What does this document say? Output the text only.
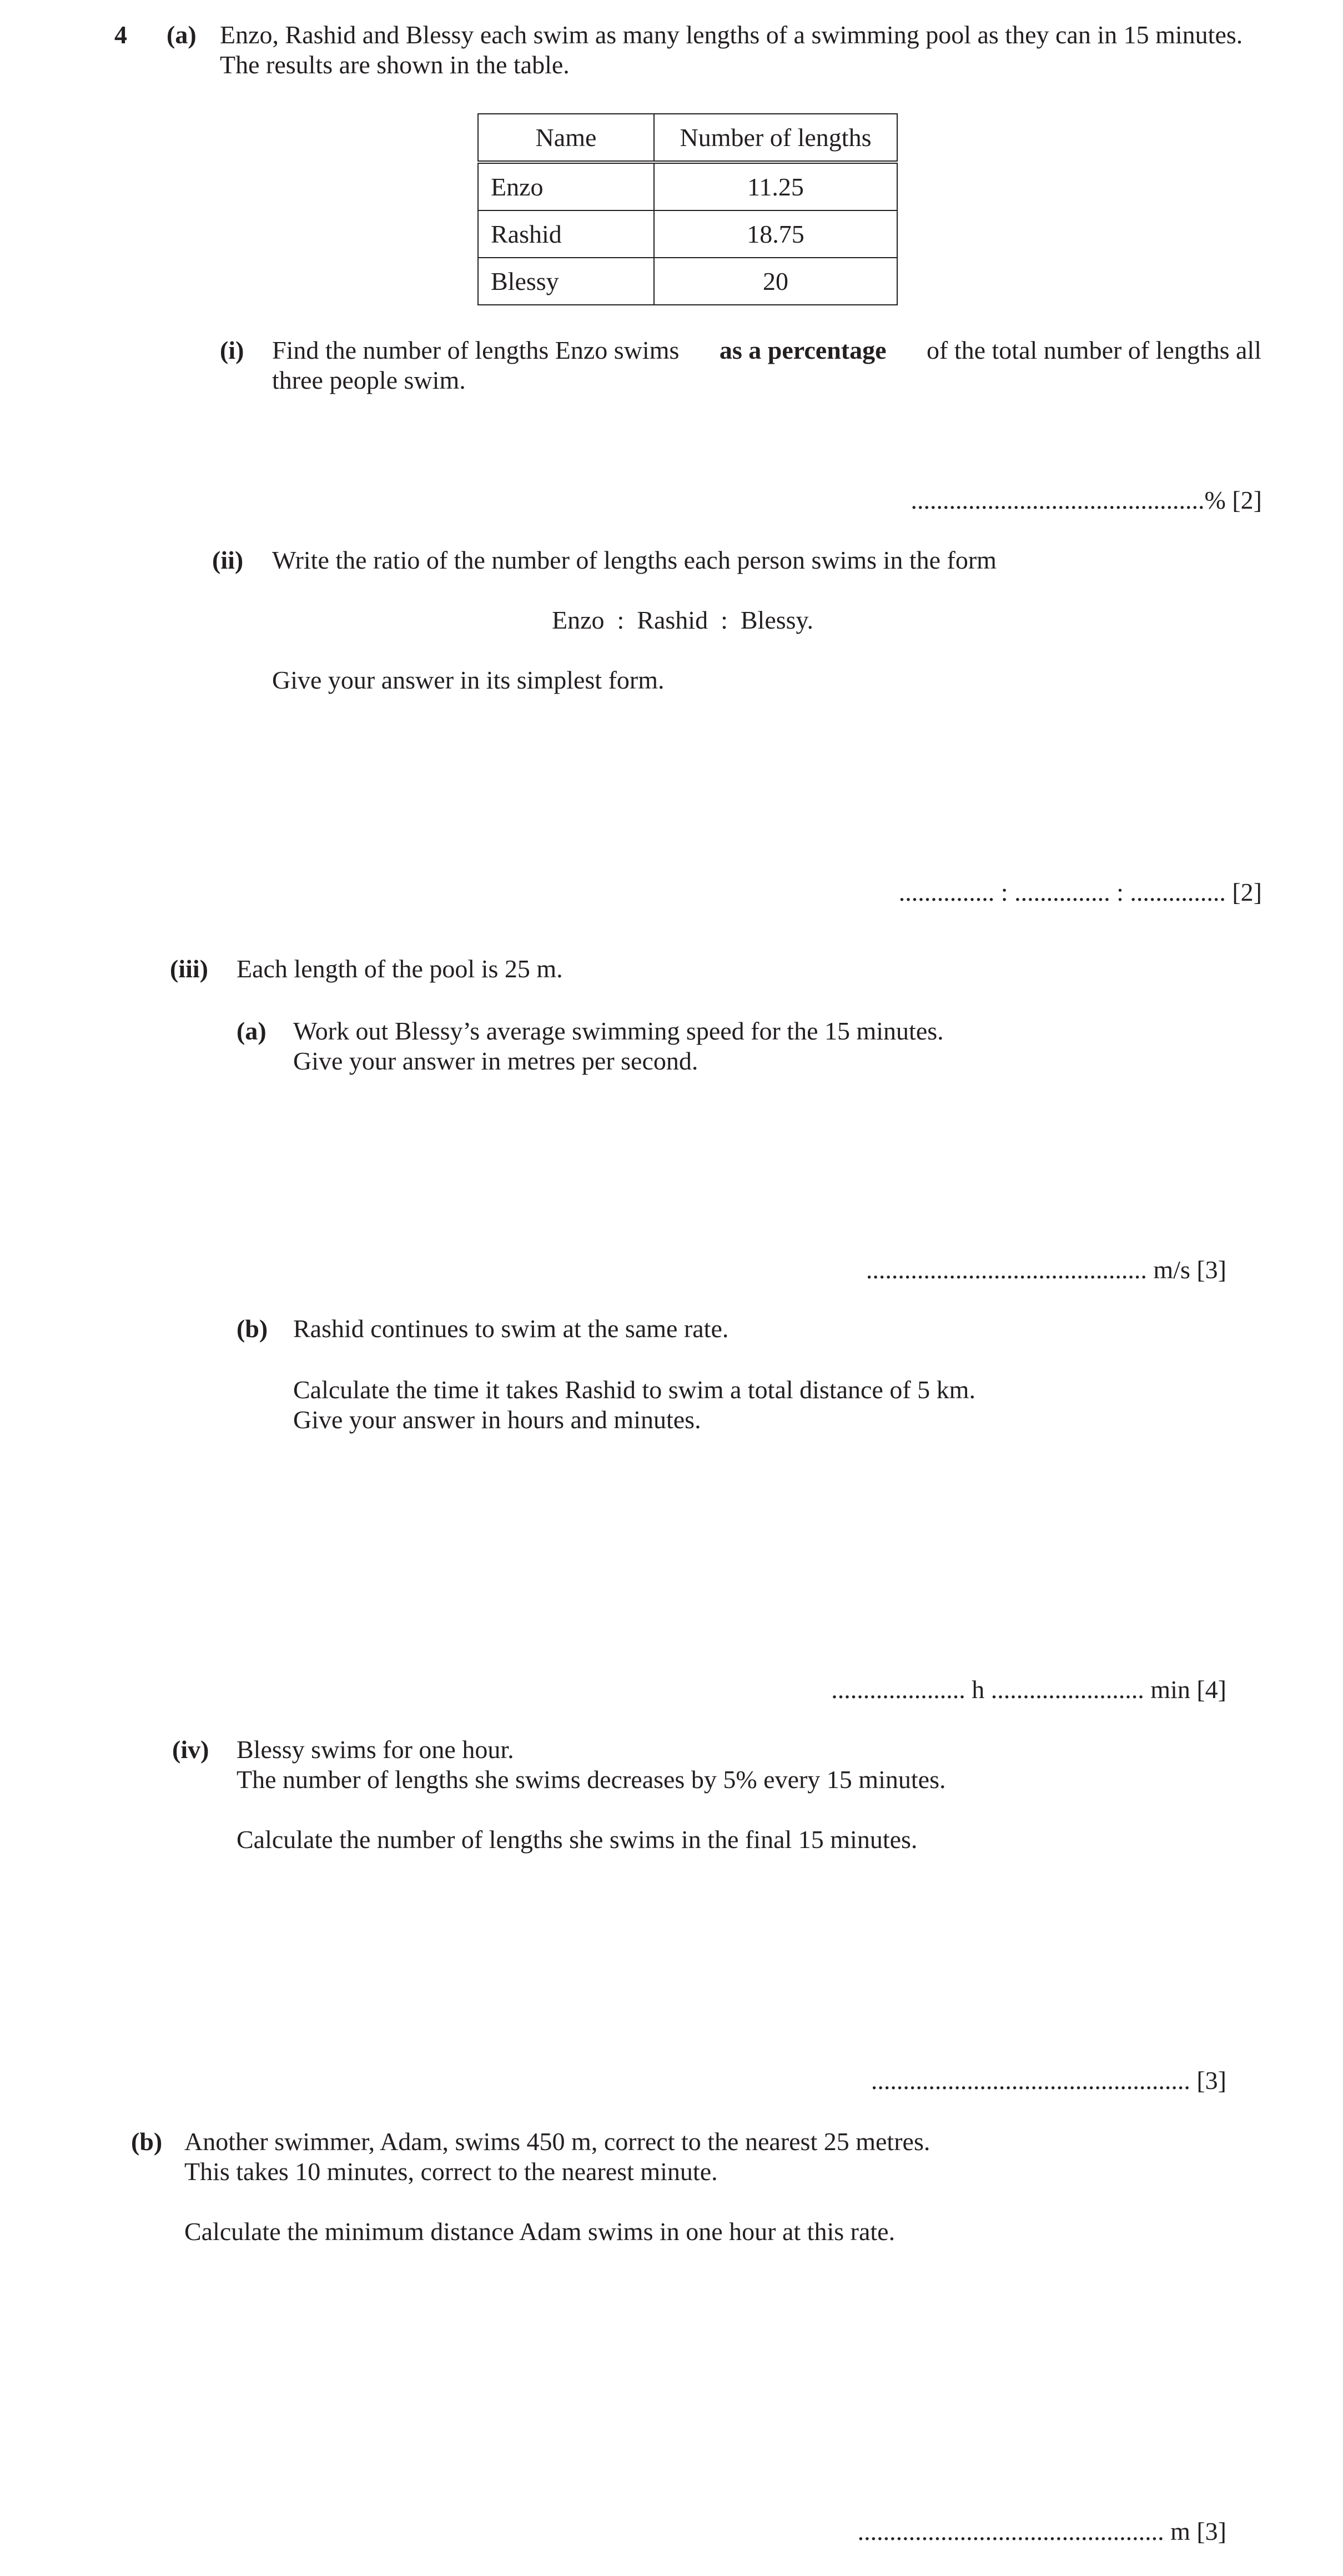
4 (a) Enzo, Rashid and Blessy each swim as many lengths of a swimming pool as they can in 15 minutes.
The results are shown in the table.
Name	Number of lengths
Enzo	11.25
Rashid	18.75
Blessy	20
(i) Find the number of lengths Enzo swims as a percentage of the total number of lengths all
three people swim.
..............................................% [2]
(ii) Write the ratio of the number of lengths each person swims in the form
Enzo  :  Rashid  :  Blessy.
Give your answer in its simplest form.
............... : ............... : ............... [2]
(iii) Each length of the pool is 25 m.
(a) Work out Blessy’s average swimming speed for the 15 minutes.
Give your answer in metres per second.
............................................ m/s [3]
(b) Rashid continues to swim at the same rate.
Calculate the time it takes Rashid to swim a total distance of 5 km.
Give your answer in hours and minutes.
..................... h ........................ min [4]
(iv) Blessy swims for one hour.
The number of lengths she swims decreases by 5% every 15 minutes.
Calculate the number of lengths she swims in the final 15 minutes.
.................................................. [3]
(b) Another swimmer, Adam, swims 450 m, correct to the nearest 25 metres.
This takes 10 minutes, correct to the nearest minute.
Calculate the minimum distance Adam swims in one hour at this rate.
................................................ m [3]
